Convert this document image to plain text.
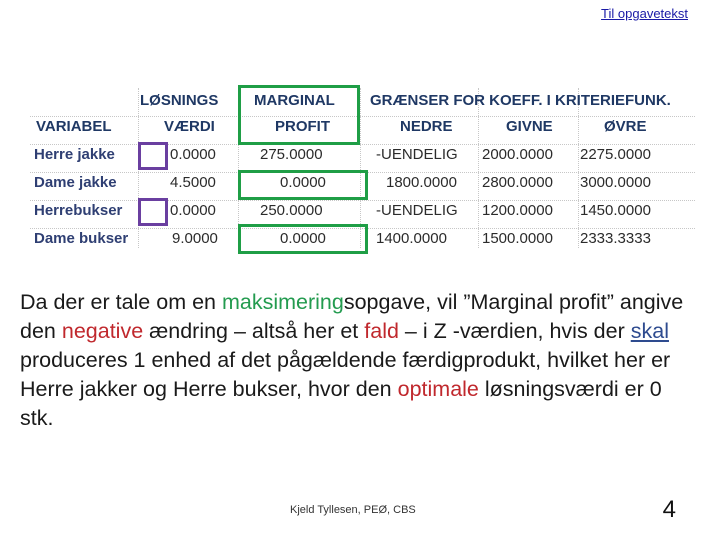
Til opgavetekst
LØSNINGS MARGINAL GRÆNSER FOR KOEFF. I KRITERIEFUNK.
VARIABEL	VÆRDI	PROFIT	NEDRE	GIVNE	ØVRE
Herre jakke	0.0000	275.0000	-UENDELIG 2000.0000 2275.0000
Dame jakke	4.5000	0.0000	1800.0000 2800.0000 3000.0000
Herrebukser	0.0000	250.0000	-UENDELIG 1200.0000 1450.0000
Dame bukser	9.0000	0.0000	1400.0000 1500.0000 2333.3333
Da der er tale om en maksimeringsopgave, vil ”Marginal profit” angive den negative ændring – altså her et fald – i Z -værdien, hvis der skal produceres 1 enhed af det pågældende færdigprodukt, hvilket her er Herre jakker og Herre bukser, hvor den optimale løsningsværdi er 0 stk.
Kjeld Tyllesen, PEØ, CBS	4
